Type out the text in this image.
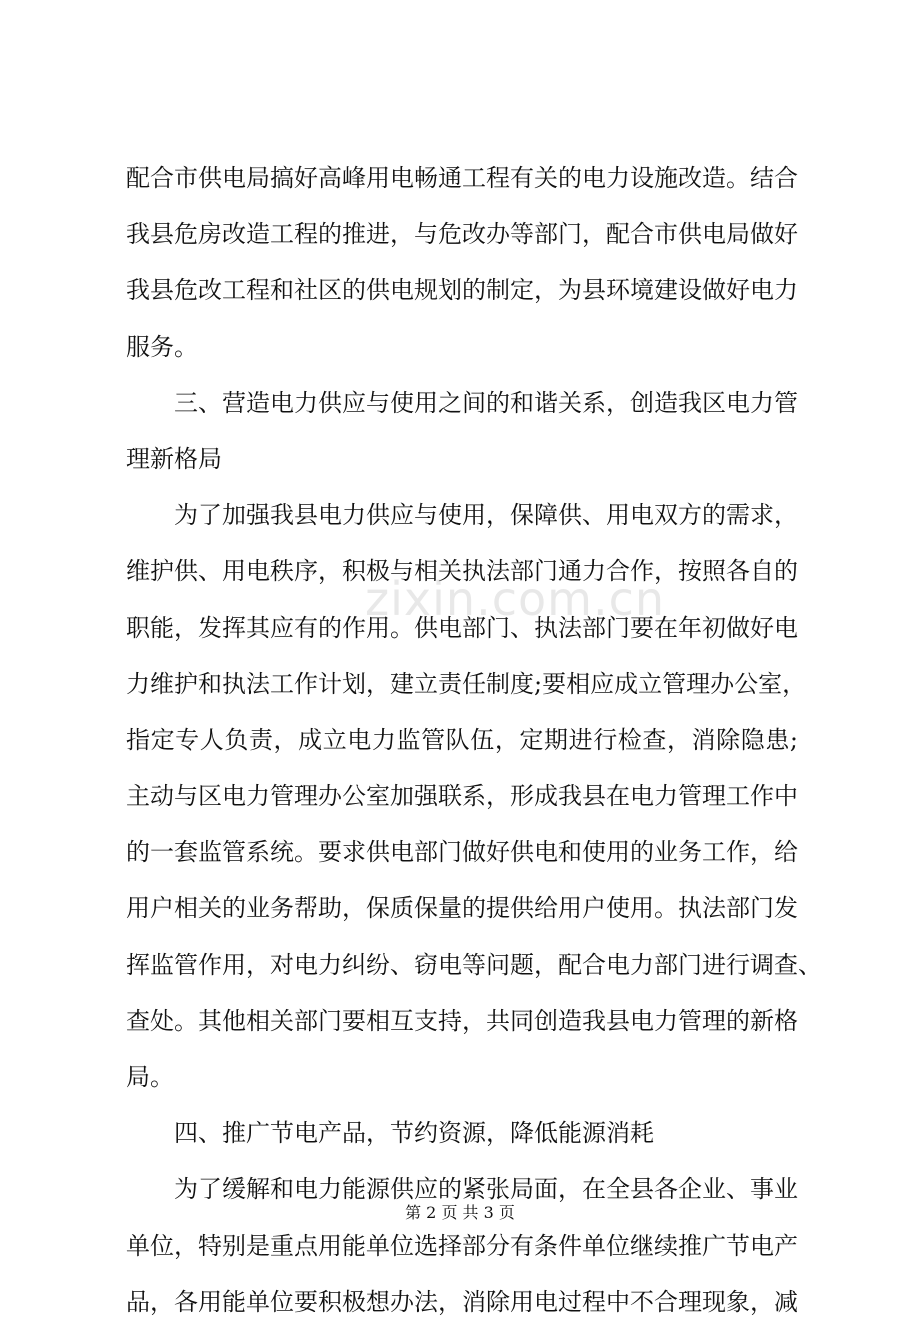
配合市供电局搞好高峰用电畅通工程有关的电力设施改造。结合
我县危房改造工程的推进，与危改办等部门，配合市供电局做好
我县危改工程和社区的供电规划的制定，为县环境建设做好电力
服务。
三、营造电力供应与使用之间的和谐关系，创造我区电力管
理新格局
为了加强我县电力供应与使用，保障供、用电双方的需求，
维护供、用电秩序，积极与相关执法部门通力合作，按照各自的
职能，发挥其应有的作用。供电部门、执法部门要在年初做好电
力维护和执法工作计划，建立责任制度;要相应成立管理办公室，
指定专人负责，成立电力监管队伍，定期进行检查，消除隐患;
主动与区电力管理办公室加强联系，形成我县在电力管理工作中
的一套监管系统。要求供电部门做好供电和使用的业务工作，给
用户相关的业务帮助，保质保量的提供给用户使用。执法部门发
挥监管作用，对电力纠纷、窃电等问题，配合电力部门进行调查、
查处。其他相关部门要相互支持，共同创造我县电力管理的新格
局。
四、推广节电产品，节约资源，降低能源消耗
为了缓解和电力能源供应的紧张局面，在全县各企业、事业
单位，特别是重点用能单位选择部分有条件单位继续推广节电产
品，各用能单位要积极想办法，消除用电过程中不合理现象，减
zixin.com.cn
第 2 页 共 3 页
